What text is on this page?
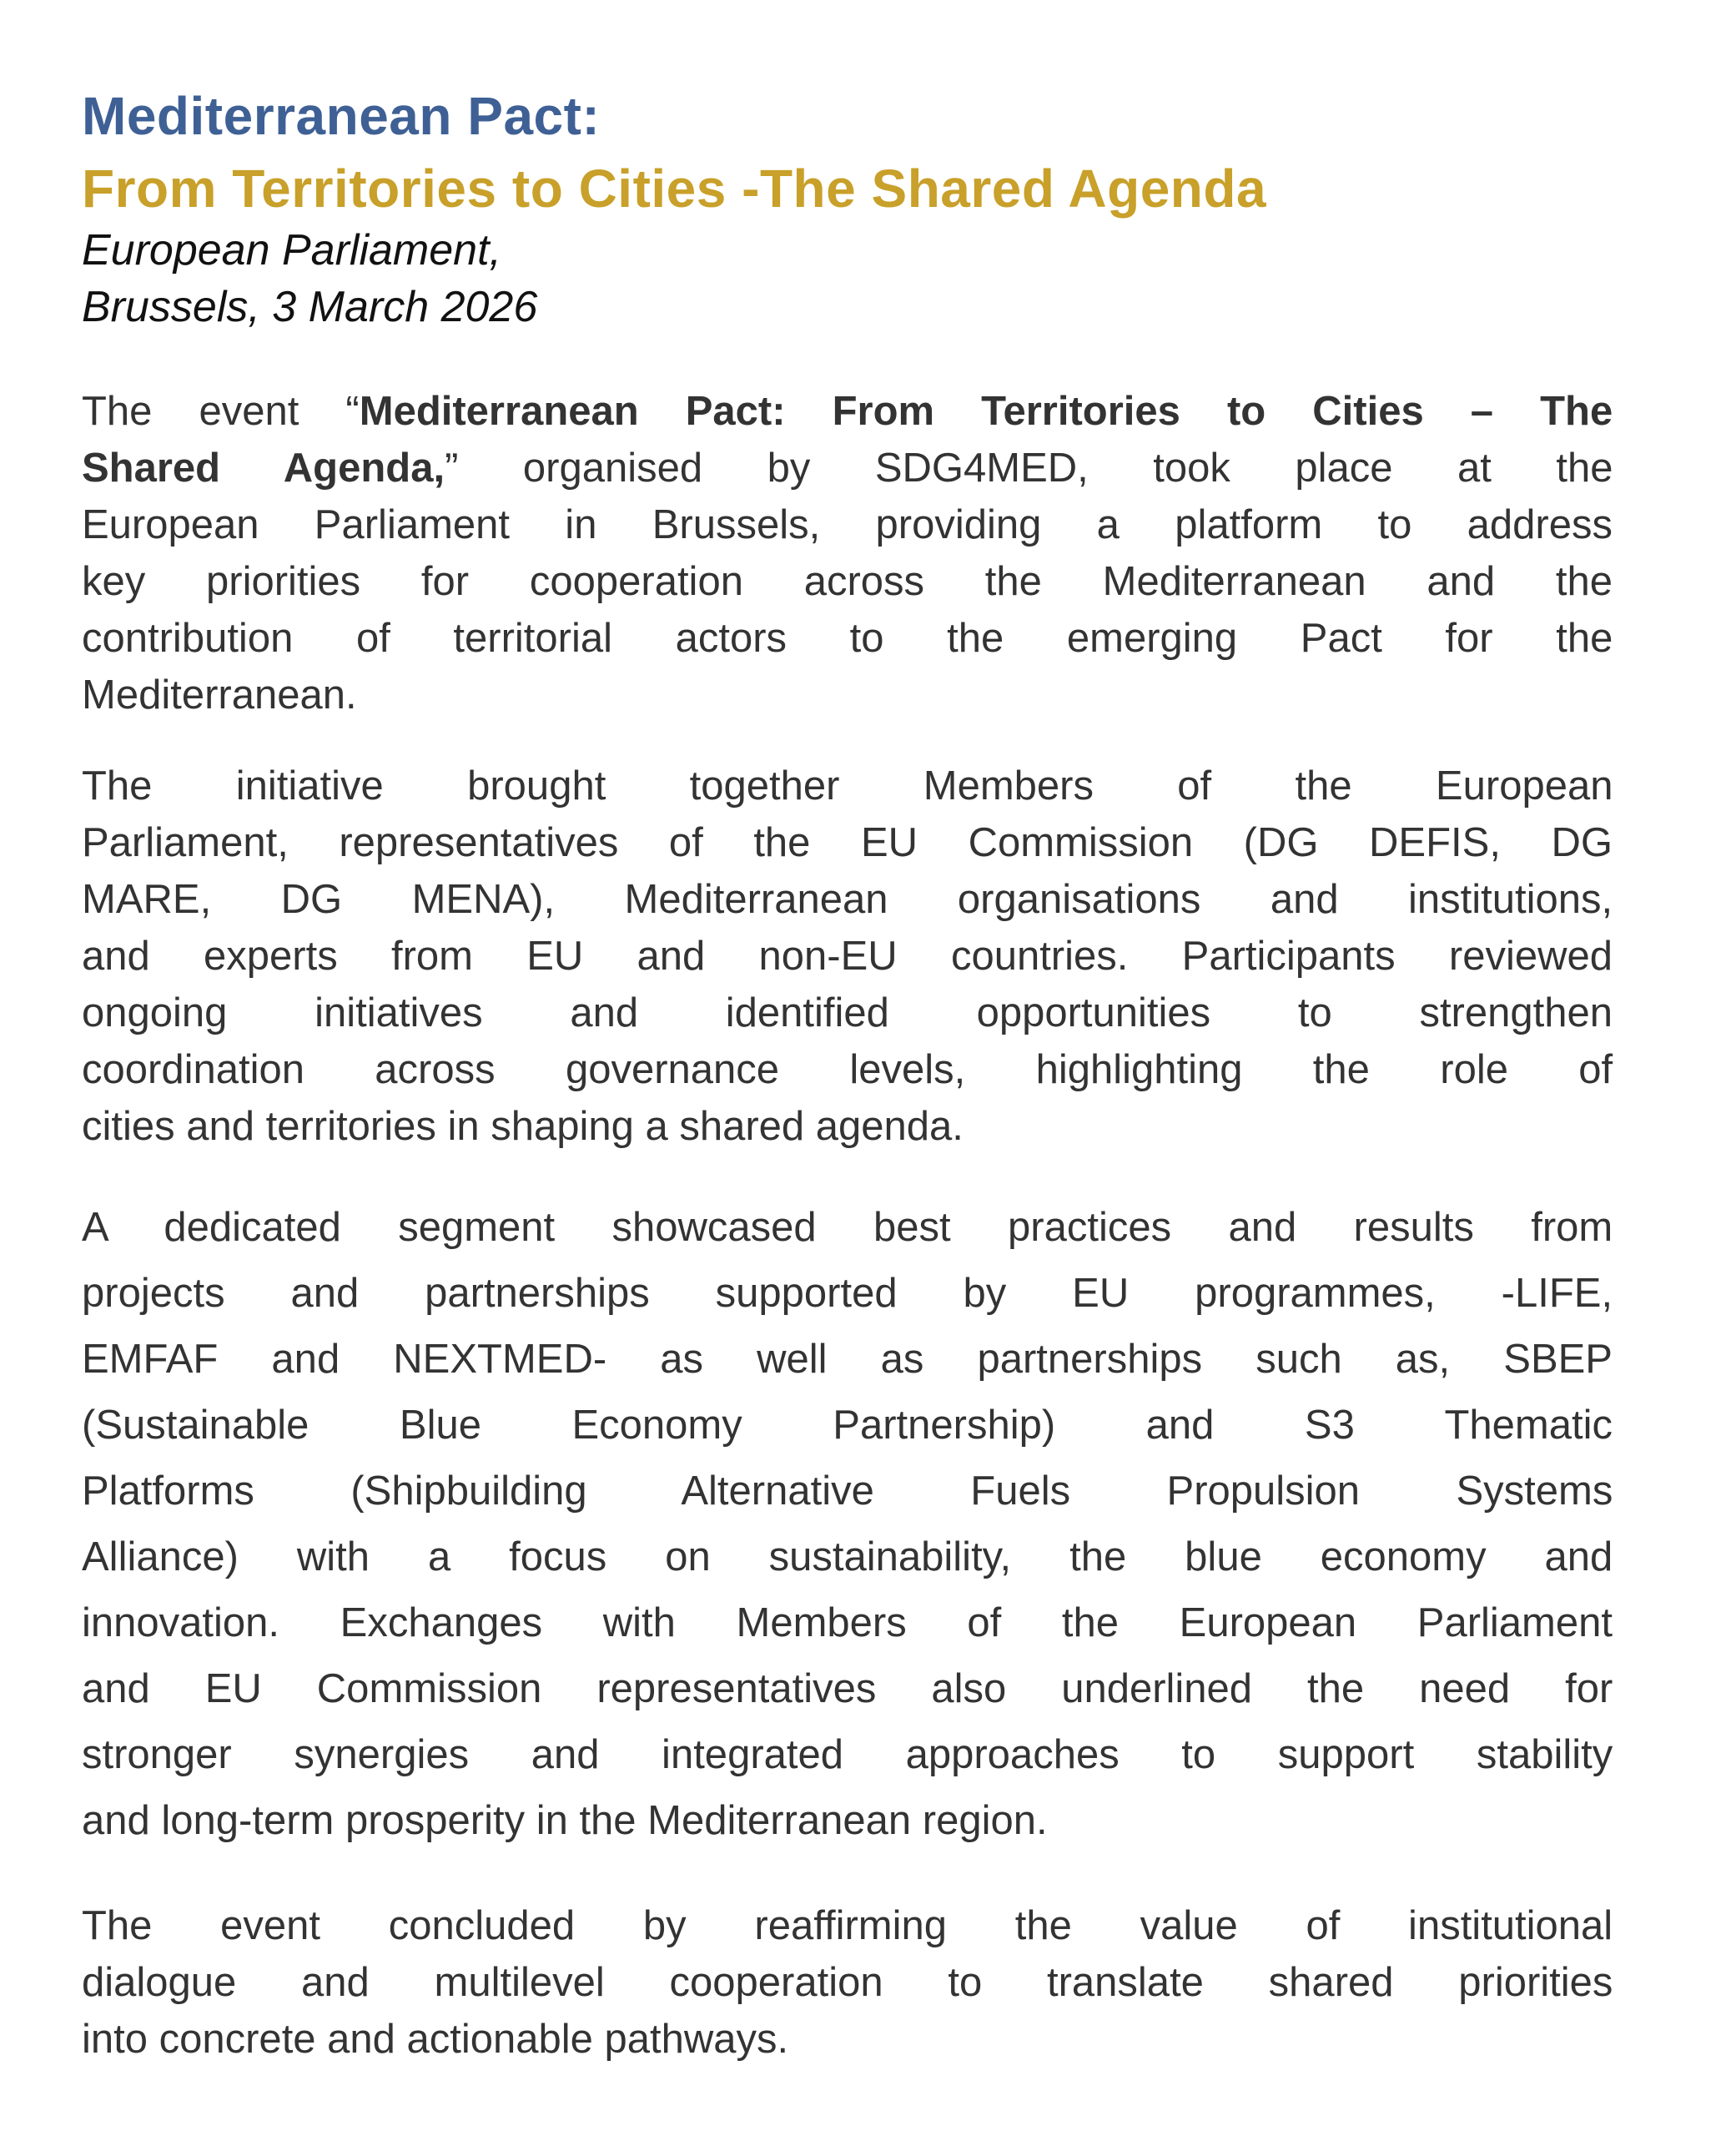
Mediterranean Pact:
From Territories to Cities -The Shared Agenda
European Parliament,
Brussels, 3 March 2026
The event “Mediterranean Pact: From Territories to Cities – The
Shared Agenda,” organised by SDG4MED, took place at the
European Parliament in Brussels, providing a platform to address
key priorities for cooperation across the Mediterranean and the
contribution of territorial actors to the emerging Pact for the
Mediterranean.
The initiative brought together Members of the European
Parliament, representatives of the EU Commission (DG DEFIS, DG
MARE, DG MENA), Mediterranean organisations and institutions,
and experts from EU and non-EU countries. Participants reviewed
ongoing initiatives and identified opportunities to strengthen
coordination across governance levels, highlighting the role of
cities and territories in shaping a shared agenda.
A dedicated segment showcased best practices and results from
projects and partnerships supported by EU programmes, -LIFE,
EMFAF and NEXTMED- as well as partnerships such as, SBEP
(Sustainable Blue Economy Partnership) and S3 Thematic
Platforms (Shipbuilding Alternative Fuels Propulsion Systems
Alliance) with a focus on sustainability, the blue economy and
innovation. Exchanges with Members of the European Parliament
and EU Commission representatives also underlined the need for
stronger synergies and integrated approaches to support stability
and long-term prosperity in the Mediterranean region.
The event concluded by reaffirming the value of institutional
dialogue and multilevel cooperation to translate shared priorities
into concrete and actionable pathways.
